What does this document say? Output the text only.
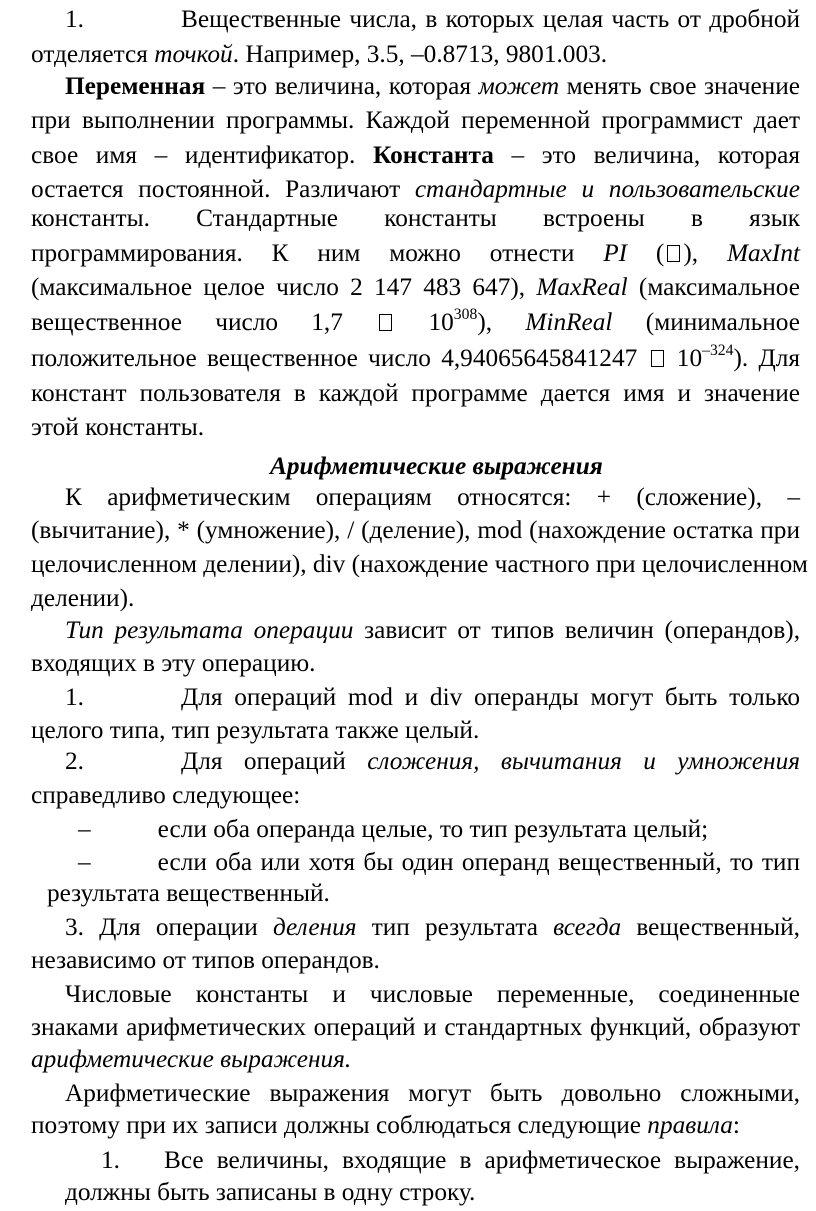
1.	Вещественные числа, в которых целая часть от дробной
отделяется точкой. Например, 3.5, –0.8713, 9801.003.
Переменная – это величина, которая может менять свое значение
при выполнении программы. Каждой переменной программист дает
свое имя – идентификатор. Константа – это величина, которая
остается постоянной. Различают стандартные и пользовательские
константы. Стандартные константы встроены в язык
программирования. К ним можно отнести PI ( ), MaxInt
(максимальное целое число 2 147 483 647), MaxReal (максимальное
вещественное число 1,7  $10^{308}$), MinReal (минимальное
положительное вещественное число 4,94065645841247  $10^{-324}$). Для
констант пользователя в каждой программе дается имя и значение
этой константы.
Арифметические выражения
К арифметическим операциям относятся: + (сложение), –
(вычитание), * (умножение), / (деление), mod (нахождение остатка при
целочисленном делении), div (нахождение частного при целочисленном
делении).
Тип результата операции зависит от типов величин (операндов),
входящих в эту операцию.
1.	Для операций mod и div операнды могут быть только
целого типа, тип результата также целый.
2.	Для операций сложения, вычитания и умножения
справедливо следующее:
–	если оба операнда целые, то тип результата целый;
–	если оба или хотя бы один операнд вещественный, то тип
результата вещественный.
3. Для операции деления тип результата всегда вещественный,
независимо от типов операндов.
Числовые константы и числовые переменные, соединенные
знаками арифметических операций и стандартных функций, образуют
арифметические выражения.
Арифметические выражения могут быть довольно сложными,
поэтому при их записи должны соблюдаться следующие правила:
1. Все величины, входящие в арифметическое выражение,
должны быть записаны в одну строку.
